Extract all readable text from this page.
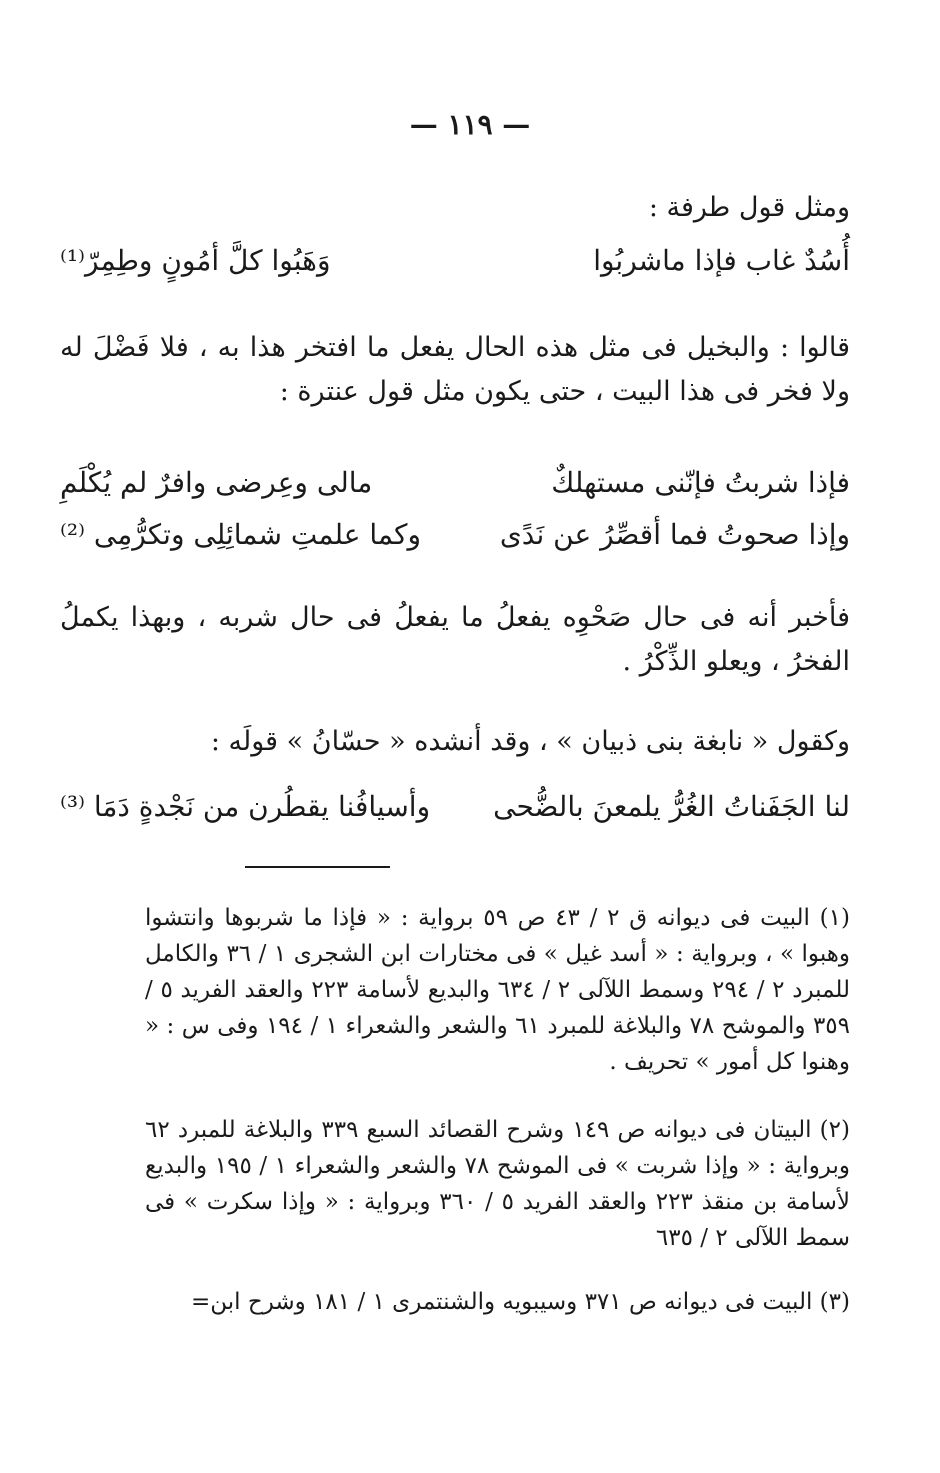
— ١١٩ —
ومثل قول طرفة :
أُسُدٌ غاب فإذا ماشربُوا
وَهَبُوا كلَّ أمُونٍ وطِمِرّ⁽¹⁾
قالوا : والبخيل فى مثل هذه الحال يفعل ما افتخر هذا به ، فلا فَضْلَ له ولا فخر فى هذا البيت ، حتى يكون مثل قول عنترة :
فإذا شربتُ فإنّنى مستهلكٌ
مالى وعِرضى وافرٌ لم يُكْلَمِ
وإذا صحوتُ فما أقصِّرُ عن نَدًى
وكما علمتِ شمائِلِى وتكرُّمِى ⁽²⁾
فأخبر أنه فى حال صَحْوِه يفعلُ ما يفعلُ فى حال شربه ، وبهذا يكملُ الفخرُ ، ويعلو الذِّكْرُ .
وكقول « نابغة بنى ذبيان » ، وقد أنشده « حسّانُ » قولَه :
لنا الجَفَناتُ الغُرُّ يلمعنَ بالضُّحى
وأسيافُنا يقطُرن من نَجْدةٍ دَمَا ⁽³⁾
(١) البيت فى ديوانه ق ٢ / ٤٣ ص ٥٩ برواية : « فإذا ما شربوها وانتشوا وهبوا » ، وبرواية : « أسد غيل » فى مختارات ابن الشجرى ١ / ٣٦ والكامل للمبرد ٢ / ٢٩٤ وسمط اللآلى ٢ / ٦٣٤ والبديع لأسامة ٢٢٣ والعقد الفريد ٥ / ٣٥٩ والموشح ٧٨ والبلاغة للمبرد ٦١ والشعر والشعراء ١ / ١٩٤ وفى س : « وهنوا كل أمور » تحريف .
(٢) البيتان فى ديوانه ص ١٤٩ وشرح القصائد السبع ٣٣٩ والبلاغة للمبرد ٦٢ وبرواية : « وإذا شربت » فى الموشح ٧٨ والشعر والشعراء ١ / ١٩٥ والبديع لأسامة بن منقذ ٢٢٣ والعقد الفريد ٥ / ٣٦٠ وبرواية : « وإذا سكرت » فى سمط اللآلى ٢ / ٦٣٥
(٣) البيت فى ديوانه ص ٣٧١ وسيبويه والشنتمرى ١ / ١٨١ وشرح ابن=
